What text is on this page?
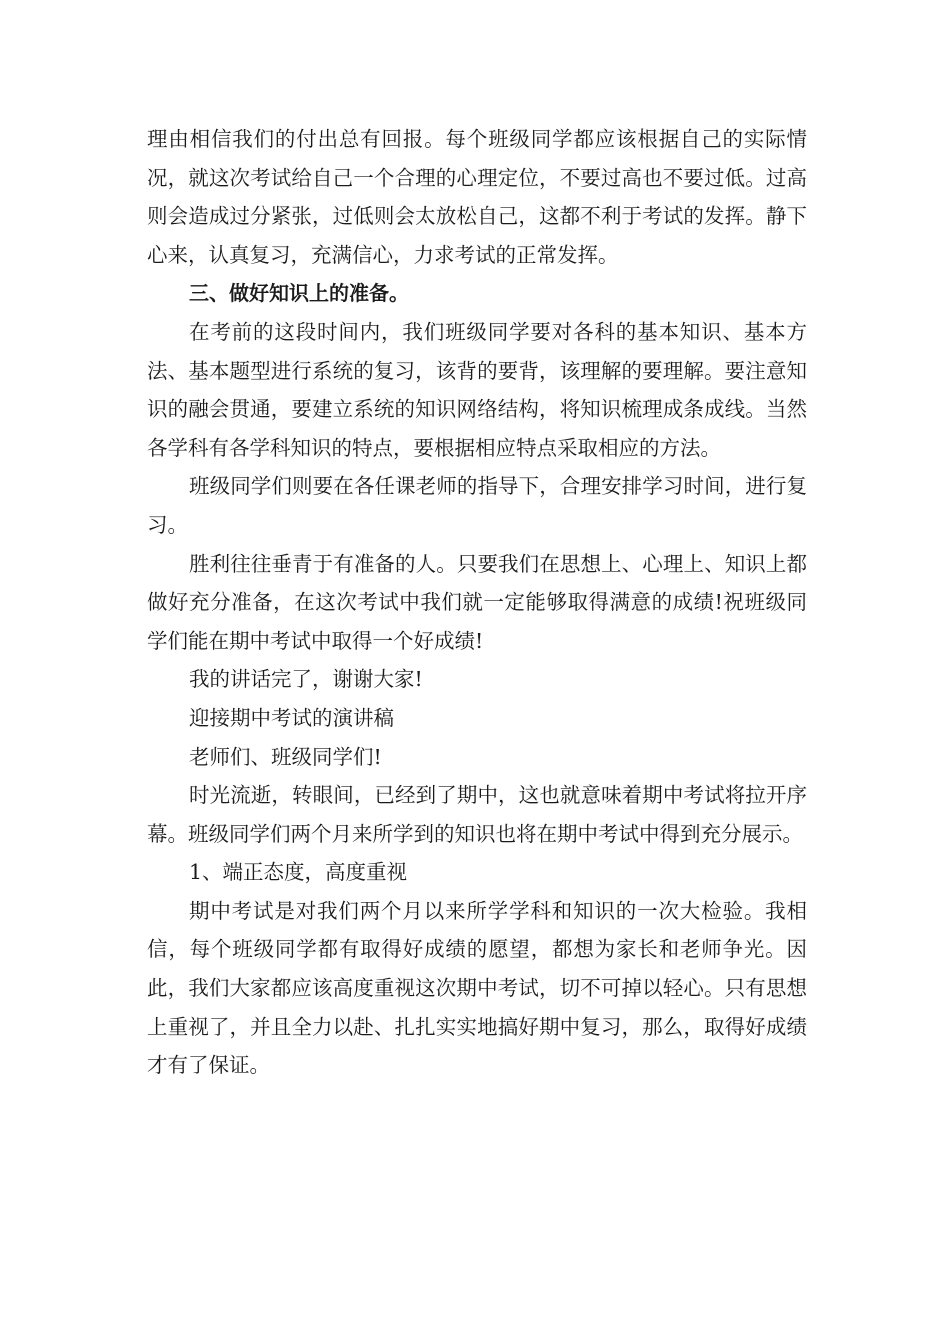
理由相信我们的付出总有回报。每个班级同学都应该根据自己的实际情况，就这次考试给自己一个合理的心理定位，不要过高也不要过低。过高则会造成过分紧张，过低则会太放松自己，这都不利于考试的发挥。静下心来，认真复习，充满信心，力求考试的正常发挥。

三、做好知识上的准备。

在考前的这段时间内，我们班级同学要对各科的基本知识、基本方法、基本题型进行系统的复习，该背的要背，该理解的要理解。要注意知识的融会贯通，要建立系统的知识网络结构，将知识梳理成条成线。当然各学科有各学科知识的特点，要根据相应特点采取相应的方法。

班级同学们则要在各任课老师的指导下，合理安排学习时间，进行复习。

胜利往往垂青于有准备的人。只要我们在思想上、心理上、知识上都做好充分准备，在这次考试中我们就一定能够取得满意的成绩!祝班级同学们能在期中考试中取得一个好成绩!

我的讲话完了，谢谢大家!

迎接期中考试的演讲稿

老师们、班级同学们!

时光流逝，转眼间，已经到了期中，这也就意味着期中考试将拉开序幕。班级同学们两个月来所学到的知识也将在期中考试中得到充分展示。

1、端正态度，高度重视

期中考试是对我们两个月以来所学学科和知识的一次大检验。我相信，每个班级同学都有取得好成绩的愿望，都想为家长和老师争光。因此，我们大家都应该高度重视这次期中考试，切不可掉以轻心。只有思想上重视了，并且全力以赴、扎扎实实地搞好期中复习，那么，取得好成绩才有了保证。
